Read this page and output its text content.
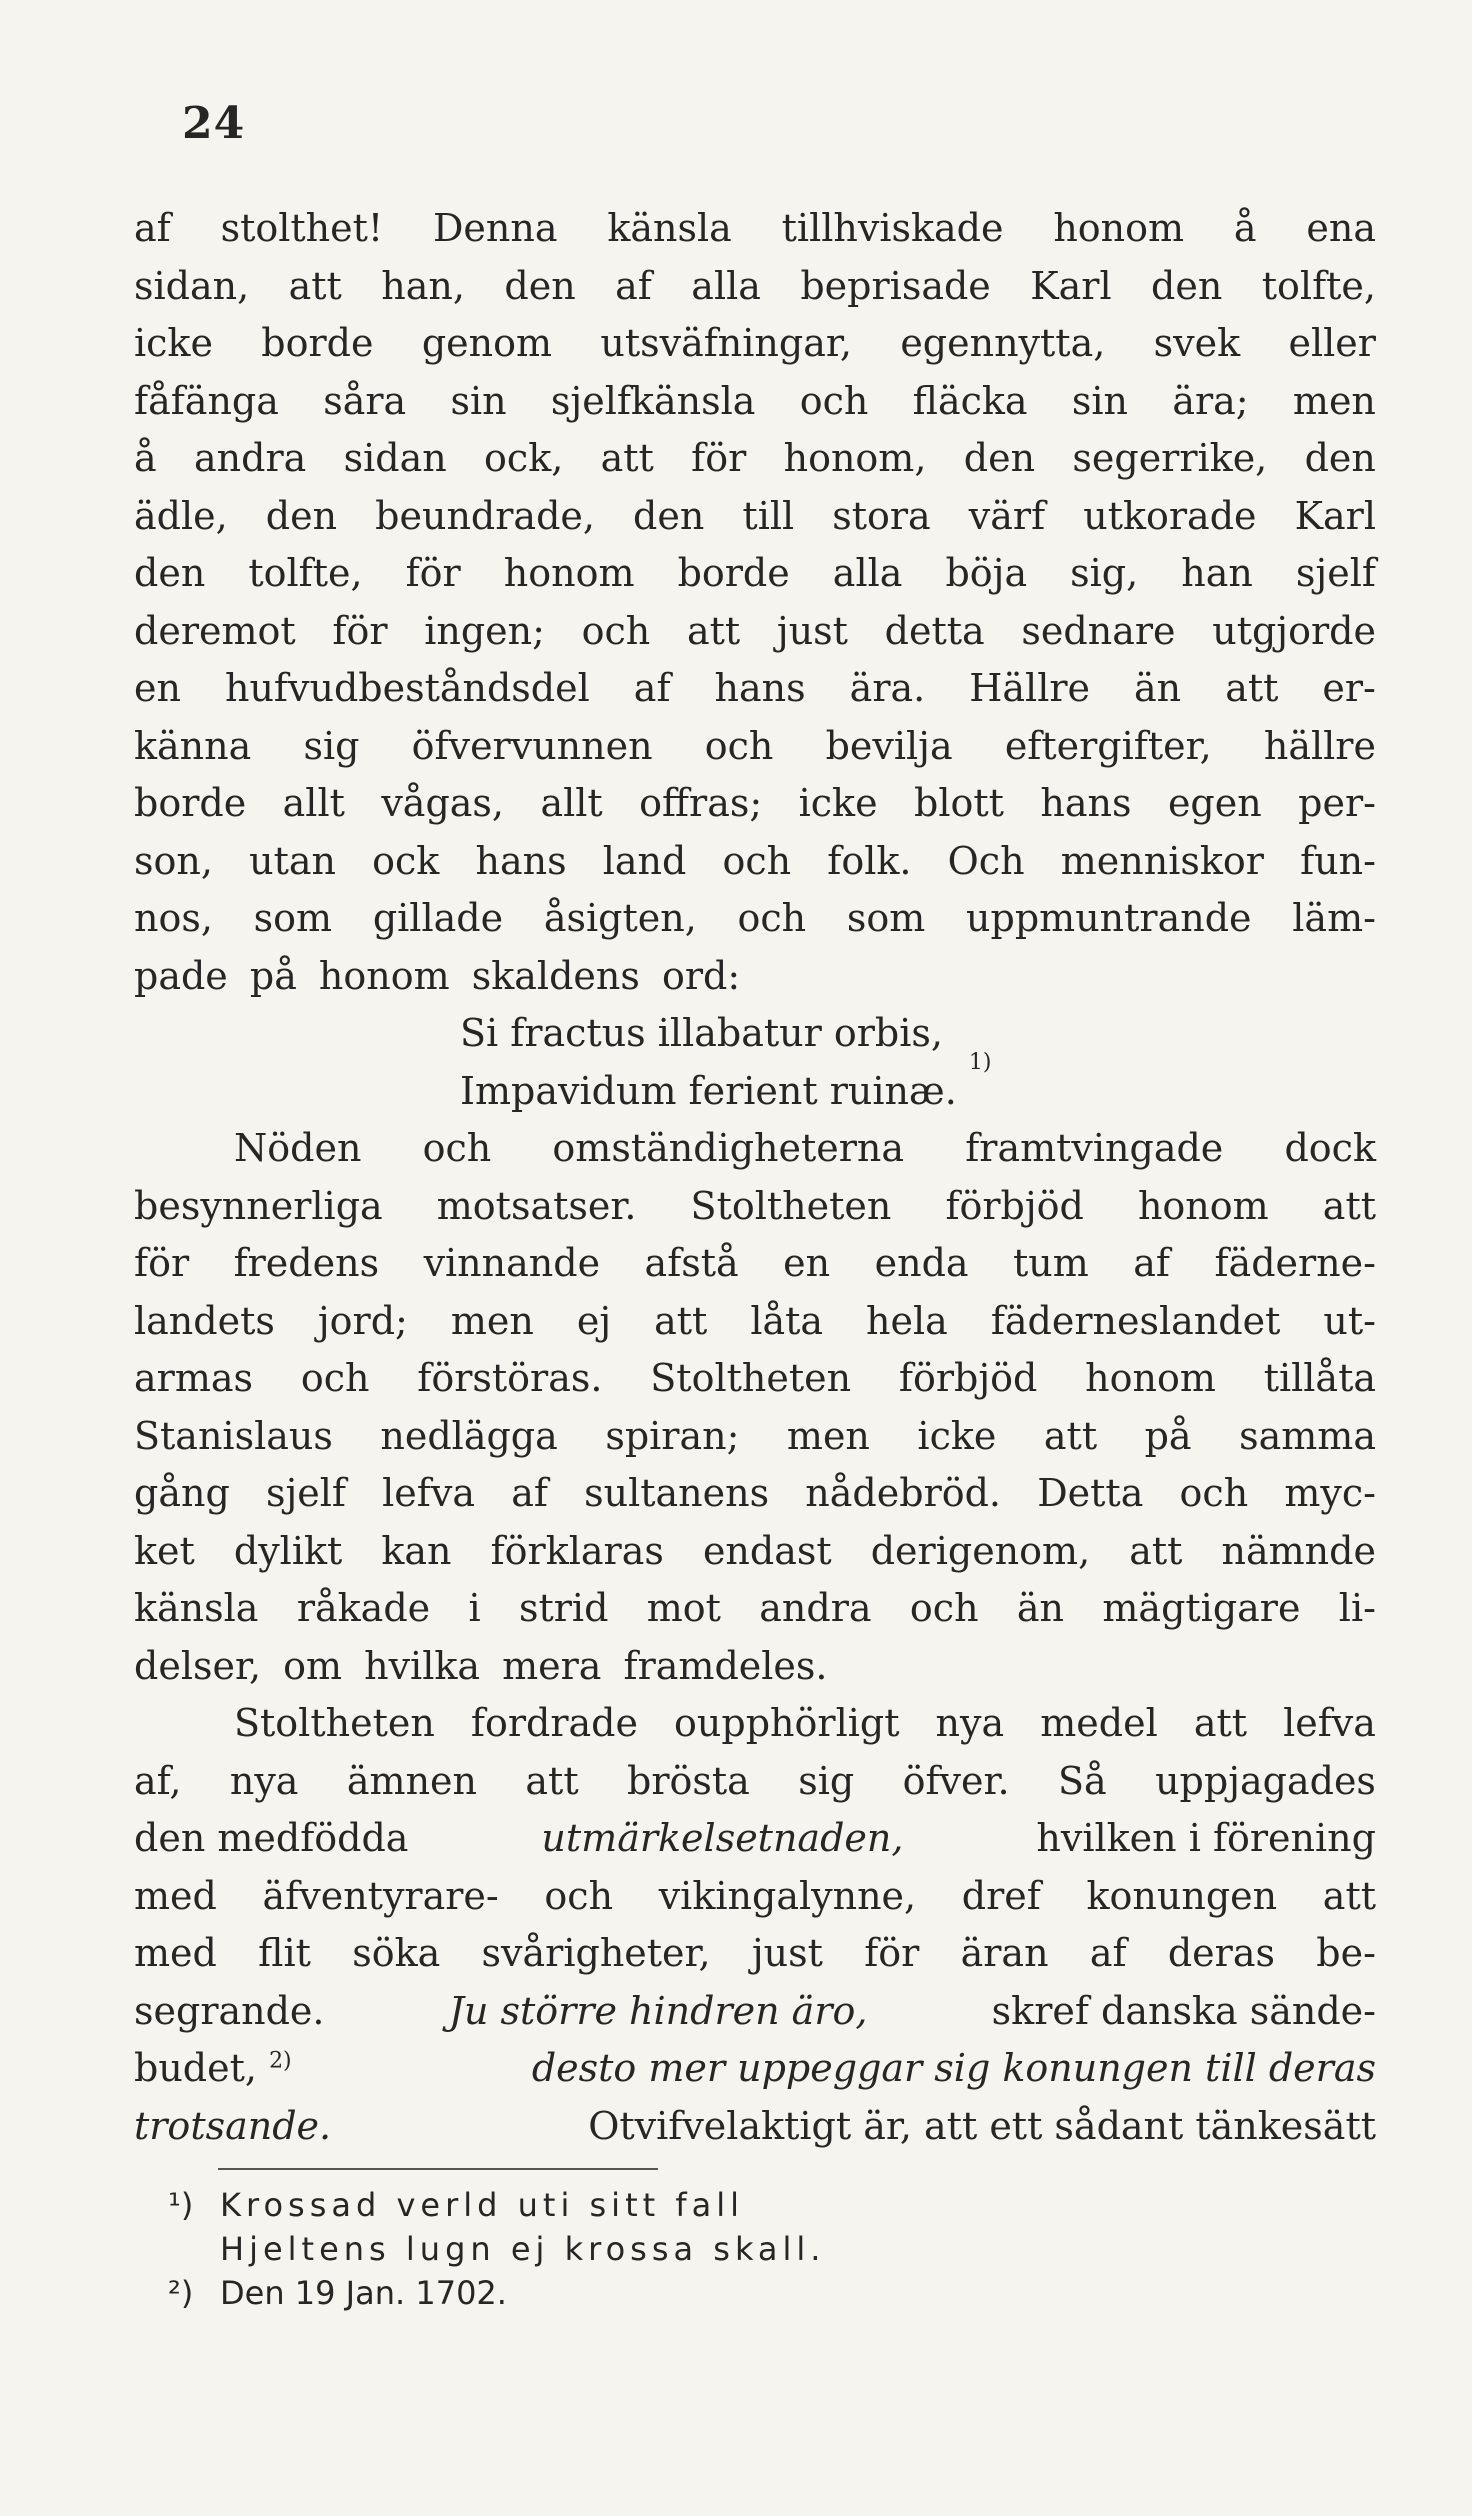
24
af stolthet! Denna känsla tillhviskade honom å ena
sidan, att han, den af alla beprisade Karl den tolfte,
icke borde genom utsväfningar, egennytta, svek eller
fåfänga såra sin sjelfkänsla och fläcka sin ära; men
å andra sidan ock, att för honom, den segerrike, den
ädle, den beundrade, den till stora värf utkorade Karl
den tolfte, för honom borde alla böja sig, han sjelf
deremot för ingen; och att just detta sednare utgjorde
en hufvudbeståndsdel af hans ära. Hällre än att er-
känna sig öfvervunnen och bevilja eftergifter, hällre
borde allt vågas, allt offras; icke blott hans egen per-
son, utan ock hans land och folk. Och menniskor fun-
nos, som gillade åsigten, och som uppmuntrande läm-
pade på honom skaldens ord:
Si fractus illabatur orbis,
Impavidum ferient ruinæ.

1)
Nöden och omständigheterna framtvingade dock
besynnerliga motsatser. Stoltheten förbjöd honom att
för fredens vinnande afstå en enda tum af fäderne-
landets jord; men ej att låta hela fäderneslandet ut-
armas och förstöras. Stoltheten förbjöd honom tillåta
Stanislaus nedlägga spiran; men icke att på samma
gång sjelf lefva af sultanens nådebröd. Detta och myc-
ket dylikt kan förklaras endast derigenom, att nämnde
känsla råkade i strid mot andra och än mägtigare li-
delser, om hvilka mera framdeles.
Stoltheten fordrade oupphörligt nya medel att lefva
af, nya ämnen att brösta sig öfver. Så uppjagades
den medfödda	utmärkelsetnaden,	hvilken i förening
med äfventyrare- och vikingalynne, dref konungen att
med flit söka svårigheter, just för äran af deras be-
segrande.	Ju större hindren äro,	skref danska sände-
budet, $^{2)}$	desto mer uppeggar sig konungen till deras
trotsande.	Otvifvelaktigt är, att ett sådant tänkesätt
¹) Krossad verld uti sitt fall
Hjeltens lugn ej krossa skall.
²) Den 19 Jan. 1702.
